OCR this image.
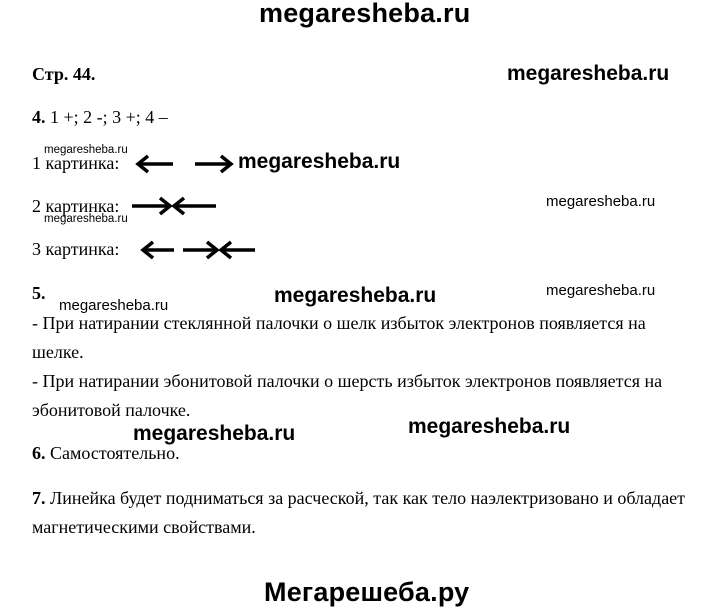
megaresheba.ru
megaresheba.ru
megaresheba.ru
megaresheba.ru
megaresheba.ru
megaresheba.ru
megaresheba.ru	megaresheba.ru	megaresheba.ru
megaresheba.ru	megaresheba.ru
Мегарешеба.ру
Стр. 44.
4. 1 +; 2 -; 3 +; 4 –
1 картинка:
2 картинка:
3 картинка:
5.
- При натирании стеклянной палочки о шелк избыток электронов появляется на шелке.
- При натирании эбонитовой палочки о шерсть избыток электронов появляется на эбонитовой палочке.
6. Самостоятельно.
7. Линейка будет подниматься за расческой, так как тело наэлектризовано и обладает магнетическими свойствами.
